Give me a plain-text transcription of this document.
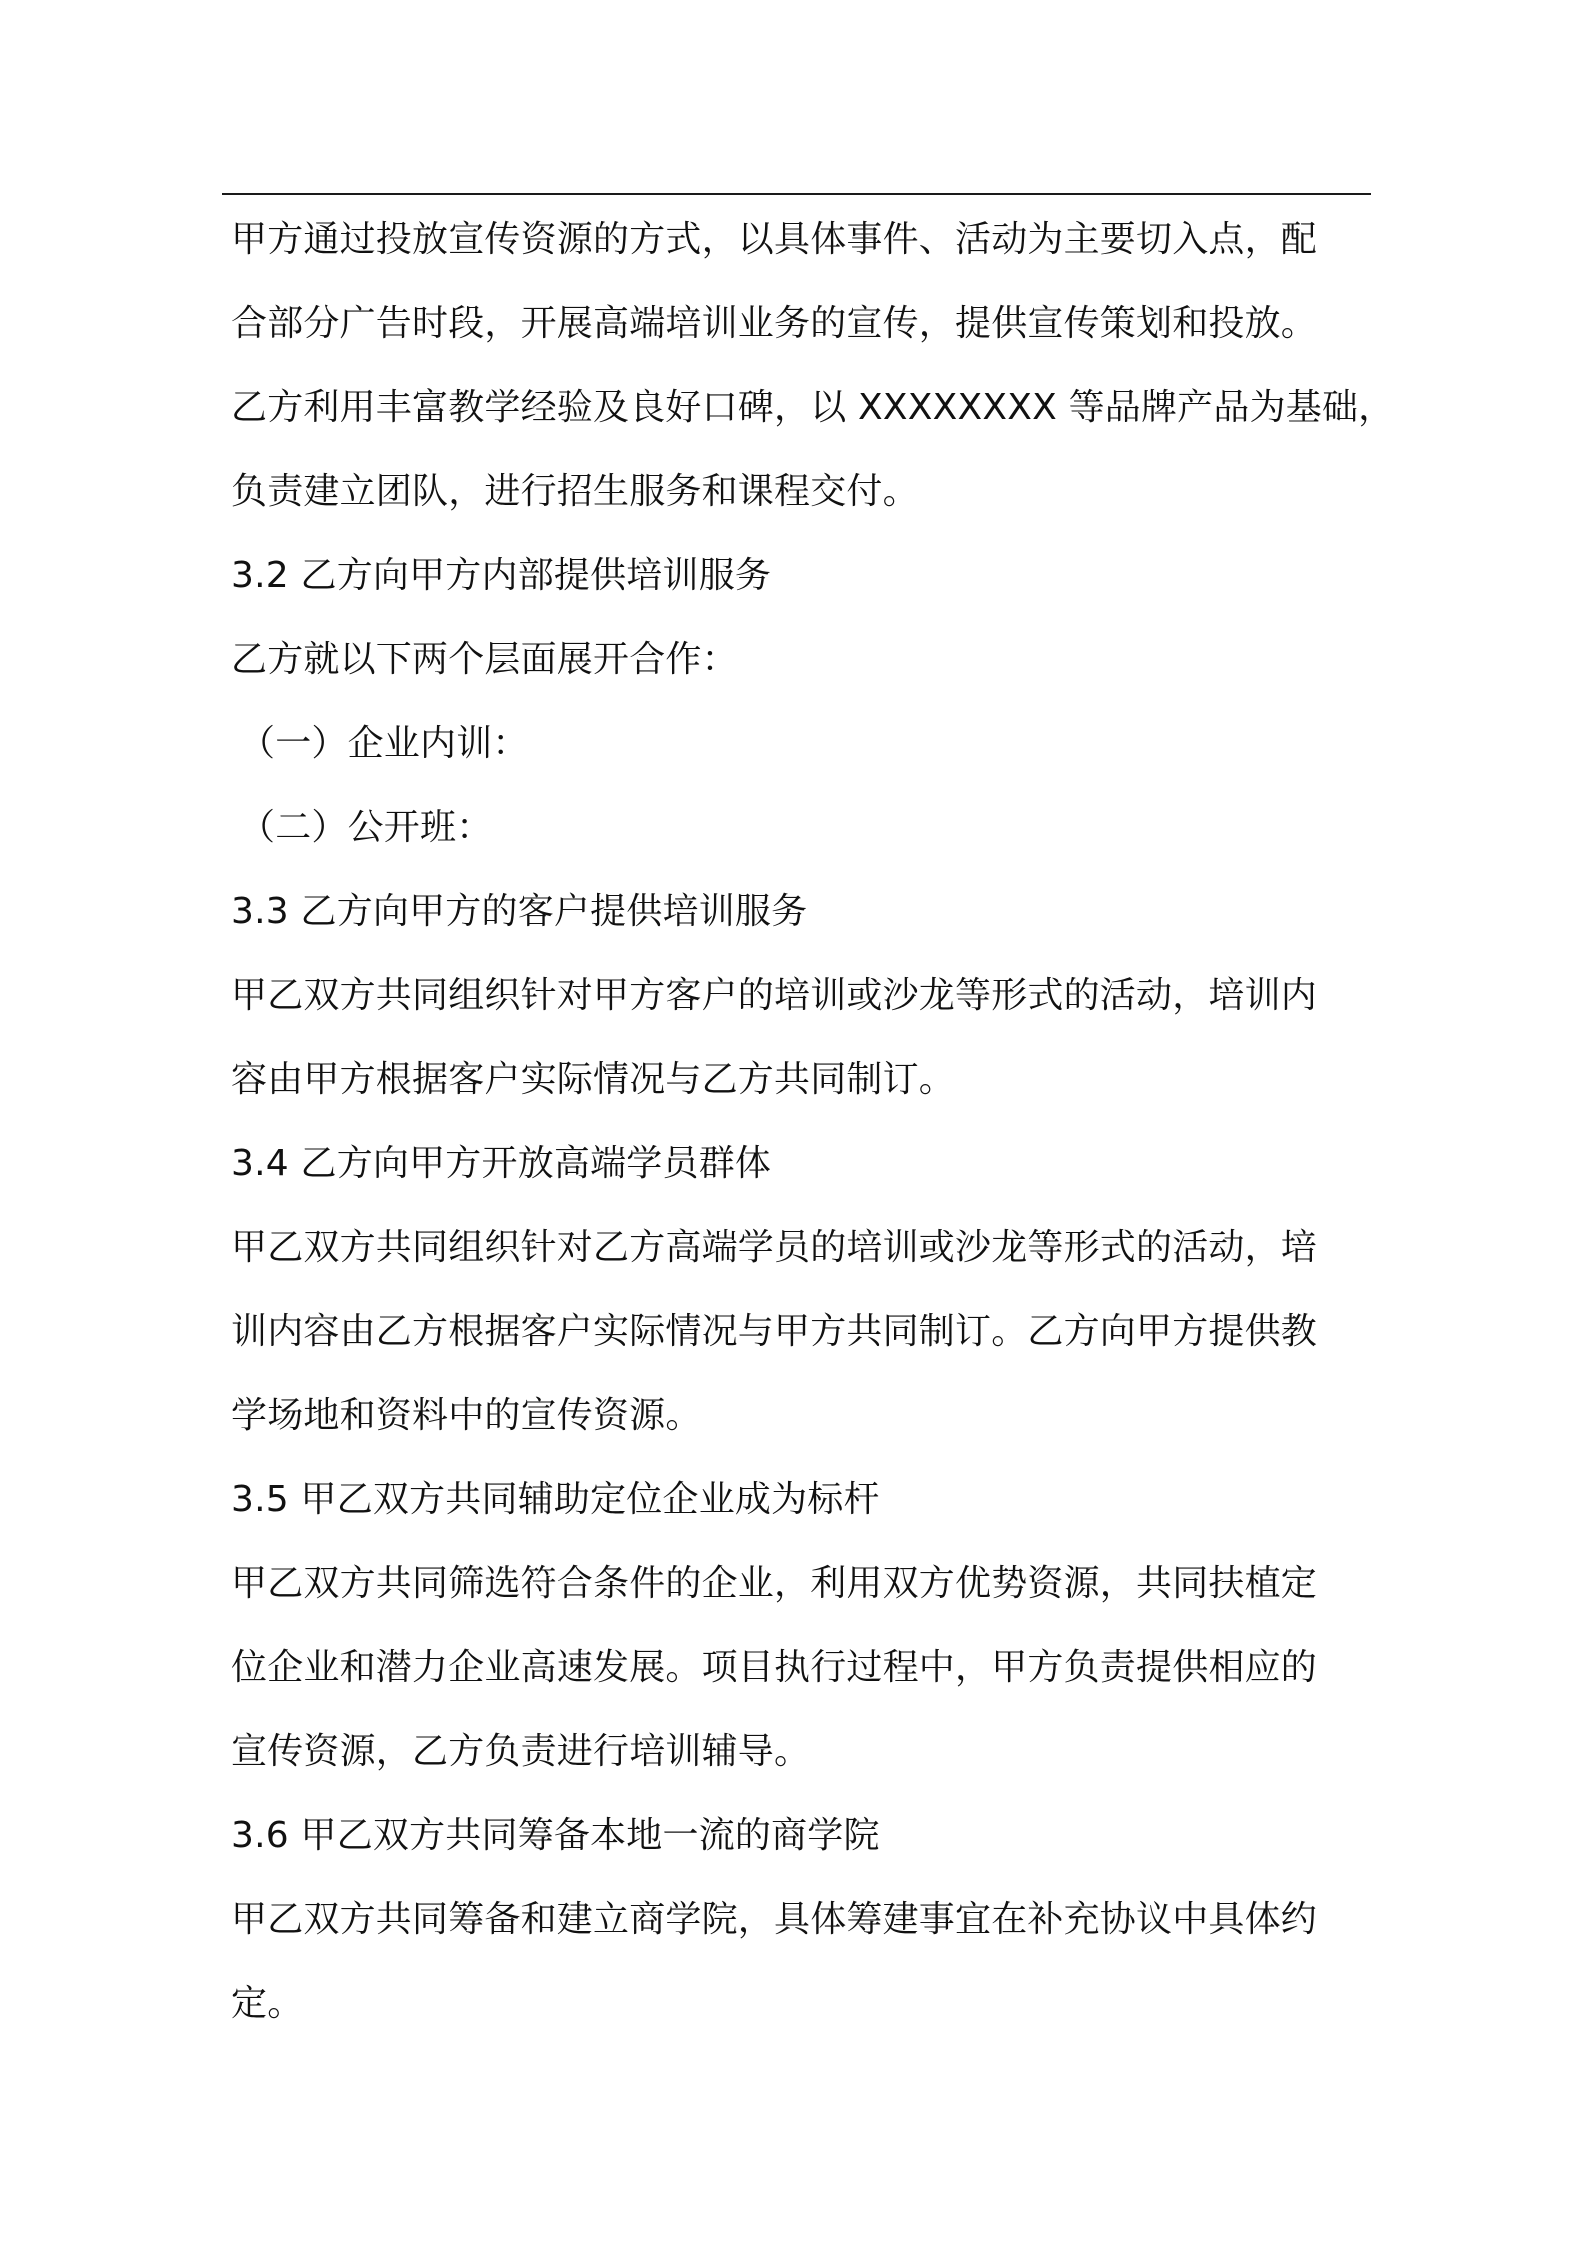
甲方通过投放宣传资源的方式，以具体事件、活动为主要切入点，配
合部分广告时段，开展高端培训业务的宣传，提供宣传策划和投放。
乙方利用丰富教学经验及良好口碑，以 XXXXXXXX 等品牌产品为基础，
负责建立团队，进行招生服务和课程交付。
3.2 乙方向甲方内部提供培训服务
乙方就以下两个层面展开合作：
（一）企业内训：
（二）公开班：
3.3 乙方向甲方的客户提供培训服务
甲乙双方共同组织针对甲方客户的培训或沙龙等形式的活动，培训内
容由甲方根据客户实际情况与乙方共同制订。
3.4 乙方向甲方开放高端学员群体
甲乙双方共同组织针对乙方高端学员的培训或沙龙等形式的活动，培
训内容由乙方根据客户实际情况与甲方共同制订。乙方向甲方提供教
学场地和资料中的宣传资源。
3.5 甲乙双方共同辅助定位企业成为标杆
甲乙双方共同筛选符合条件的企业，利用双方优势资源，共同扶植定
位企业和潜力企业高速发展。项目执行过程中，甲方负责提供相应的
宣传资源，乙方负责进行培训辅导。
3.6 甲乙双方共同筹备本地一流的商学院
甲乙双方共同筹备和建立商学院，具体筹建事宜在补充协议中具体约
定。
